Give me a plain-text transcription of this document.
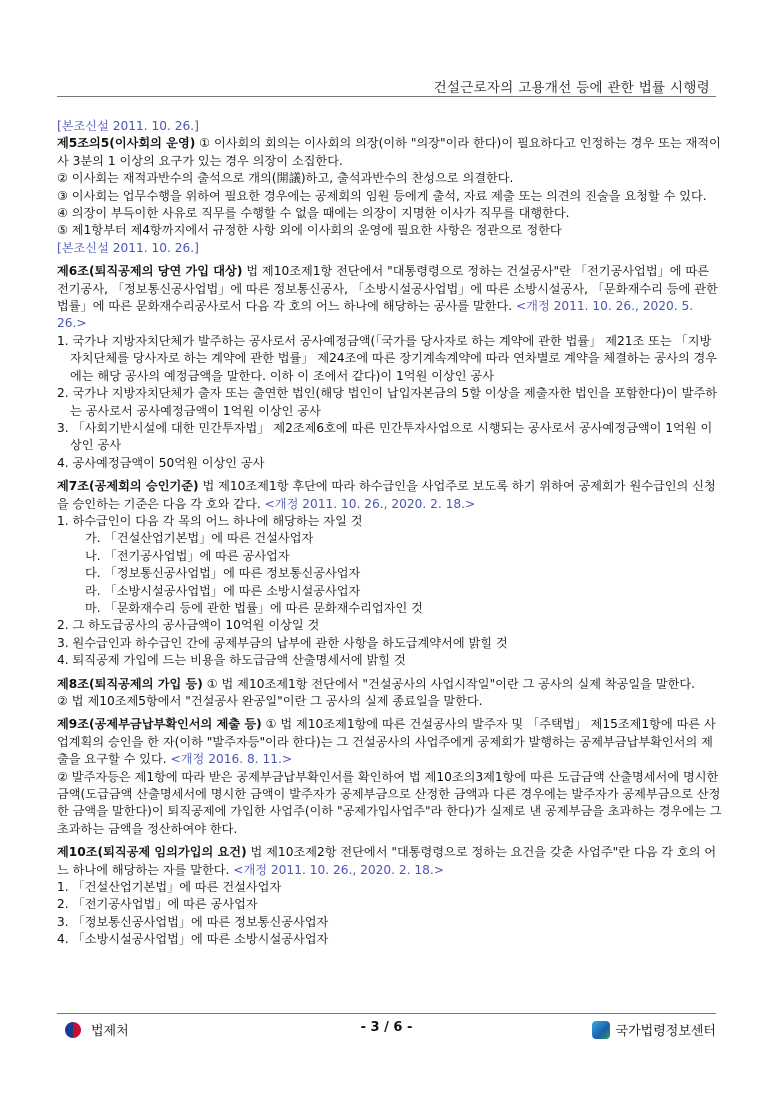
건설근로자의 고용개선 등에 관한 법률 시행령
[본조신설 2011. 10. 26.]
제5조의5(이사회의 운영) ① 이사회의 회의는 이사회의 의장(이하 "의장"이라 한다)이 필요하다고 인정하는 경우 또는 재적이사 3분의 1 이상의 요구가 있는 경우 의장이 소집한다.
② 이사회는 재적과반수의 출석으로 개의(開議)하고, 출석과반수의 찬성으로 의결한다.
③ 이사회는 업무수행을 위하여 필요한 경우에는 공제회의 임원 등에게 출석, 자료 제출 또는 의견의 진술을 요청할 수 있다.
④ 의장이 부득이한 사유로 직무를 수행할 수 없을 때에는 의장이 지명한 이사가 직무를 대행한다.
⑤ 제1항부터 제4항까지에서 규정한 사항 외에 이사회의 운영에 필요한 사항은 정관으로 정한다
[본조신설 2011. 10. 26.]
제6조(퇴직공제의 당연 가입 대상) 법 제10조제1항 전단에서 "대통령령으로 정하는 건설공사"란 「전기공사업법」에 따른 전기공사, 「정보통신공사업법」에 따른 정보통신공사, 「소방시설공사업법」에 따른 소방시설공사, 「문화재수리 등에 관한 법률」에 따른 문화재수리공사로서 다음 각 호의 어느 하나에 해당하는 공사를 말한다. <개정 2011. 10. 26., 2020. 5. 26.>
1. 국가나 지방자치단체가 발주하는 공사로서 공사예정금액(「국가를 당사자로 하는 계약에 관한 법률」 제21조 또는 「지방자치단체를 당사자로 하는 계약에 관한 법률」 제24조에 따른 장기계속계약에 따라 연차별로 계약을 체결하는 공사의 경우에는 해당 공사의 예정금액을 말한다. 이하 이 조에서 같다)이 1억원 이상인 공사
2. 국가나 지방자치단체가 출자 또는 출연한 법인(해당 법인이 납입자본금의 5할 이상을 제출자한 법인을 포함한다)이 발주하는 공사로서 공사예정금액이 1억원 이상인 공사
3. 「사회기반시설에 대한 민간투자법」 제2조제6호에 따른 민간투자사업으로 시행되는 공사로서 공사예정금액이 1억원 이상인 공사
4. 공사예정금액이 50억원 이상인 공사
제7조(공제회의 승인기준) 법 제10조제1항 후단에 따라 하수급인을 사업주로 보도록 하기 위하여 공제회가 원수급인의 신청을 승인하는 기준은 다음 각 호와 같다. <개정 2011. 10. 26., 2020. 2. 18.>
1. 하수급인이 다음 각 목의 어느 하나에 해당하는 자일 것
가. 「건설산업기본법」에 따른 건설사업자
나. 「전기공사업법」에 따른 공사업자
다. 「정보통신공사업법」에 따른 정보통신공사업자
라. 「소방시설공사업법」에 따른 소방시설공사업자
마. 「문화재수리 등에 관한 법률」에 따른 문화재수리업자인 것
2. 그 하도급공사의 공사금액이 10억원 이상일 것
3. 원수급인과 하수급인 간에 공제부금의 납부에 관한 사항을 하도급계약서에 밝힐 것
4. 퇴직공제 가입에 드는 비용을 하도급금액 산출명세서에 밝힐 것
제8조(퇴직공제의 가입 등) ① 법 제10조제1항 전단에서 "건설공사의 사업시작일"이란 그 공사의 실제 착공일을 말한다.
② 법 제10조제5항에서 "건설공사 완공일"이란 그 공사의 실제 종료일을 말한다.
제9조(공제부금납부확인서의 제출 등) ① 법 제10조제1항에 따른 건설공사의 발주자 및 「주택법」 제15조제1항에 따른 사업계획의 승인을 한 자(이하 "발주자등"이라 한다)는 그 건설공사의 사업주에게 공제회가 발행하는 공제부금납부확인서의 제출을 요구할 수 있다. <개정 2016. 8. 11.>
② 발주자등은 제1항에 따라 받은 공제부금납부확인서를 확인하여 법 제10조의3제1항에 따른 도급금액 산출명세서에 명시한 금액(도급금액 산출명세서에 명시한 금액이 발주자가 공제부금으로 산정한 금액과 다른 경우에는 발주자가 공제부금으로 산정한 금액을 말한다)이 퇴직공제에 가입한 사업주(이하 "공제가입사업주"라 한다)가 실제로 낸 공제부금을 초과하는 경우에는 그 초과하는 금액을 정산하여야 한다.
제10조(퇴직공제 임의가입의 요건) 법 제10조제2항 전단에서 "대통령령으로 정하는 요건을 갖춘 사업주"란 다음 각 호의 어느 하나에 해당하는 자를 말한다. <개정 2011. 10. 26., 2020. 2. 18.>
1. 「건설산업기본법」에 따른 건설사업자
2. 「전기공사업법」에 따른 공사업자
3. 「정보통신공사업법」에 따른 정보통신공사업자
4. 「소방시설공사업법」에 따른 소방시설공사업자
법제처	- 3 / 6 -	국가법령정보센터
